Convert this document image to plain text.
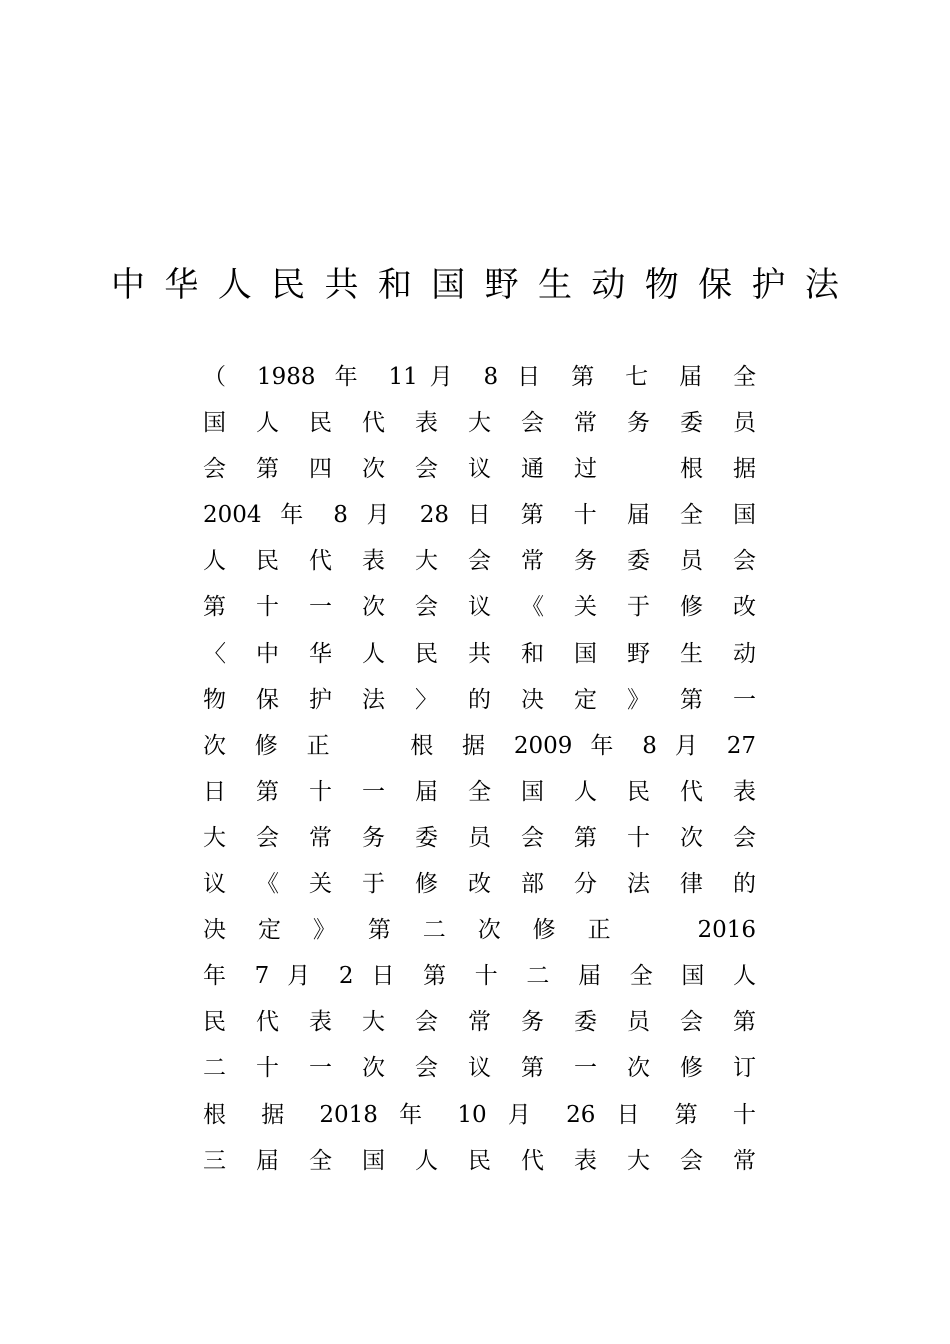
中 华 人 民 共 和 国 野 生 动 物 保 护 法
（ 1988 年 11月 8 日 第 七 届 全
国 人 民 代 表 大 会 常 务 委 员
会 第 四 次 会 议 通 过 　 根 据
2004 年 8 月 28 日 第 十 届 全 国
人 民 代 表 大 会 常 务 委 员 会
第 十 一 次 会 议 《 关 于 修 改
〈 中 华 人 民 共 和 国 野 生 动
物 保 护 法 〉 的 决 定 》 第 一
次 修 正 　 根 据 2009 年 8 月 27
日 第 十 一 届 全 国 人 民 代 表
大 会 常 务 委 员 会 第 十 次 会
议 《 关 于 修 改 部 分 法 律 的
决 定 》 第 二 次 修 正 　 2016
年 7 月 2 日 第 十 二 届 全 国 人
民 代 表 大 会 常 务 委 员 会 第
二 十 一 次 会 议 第 一 次 修 订
根 据 2018 年 10 月 26 日 第 十
三 届 全 国 人 民 代 表 大 会 常
